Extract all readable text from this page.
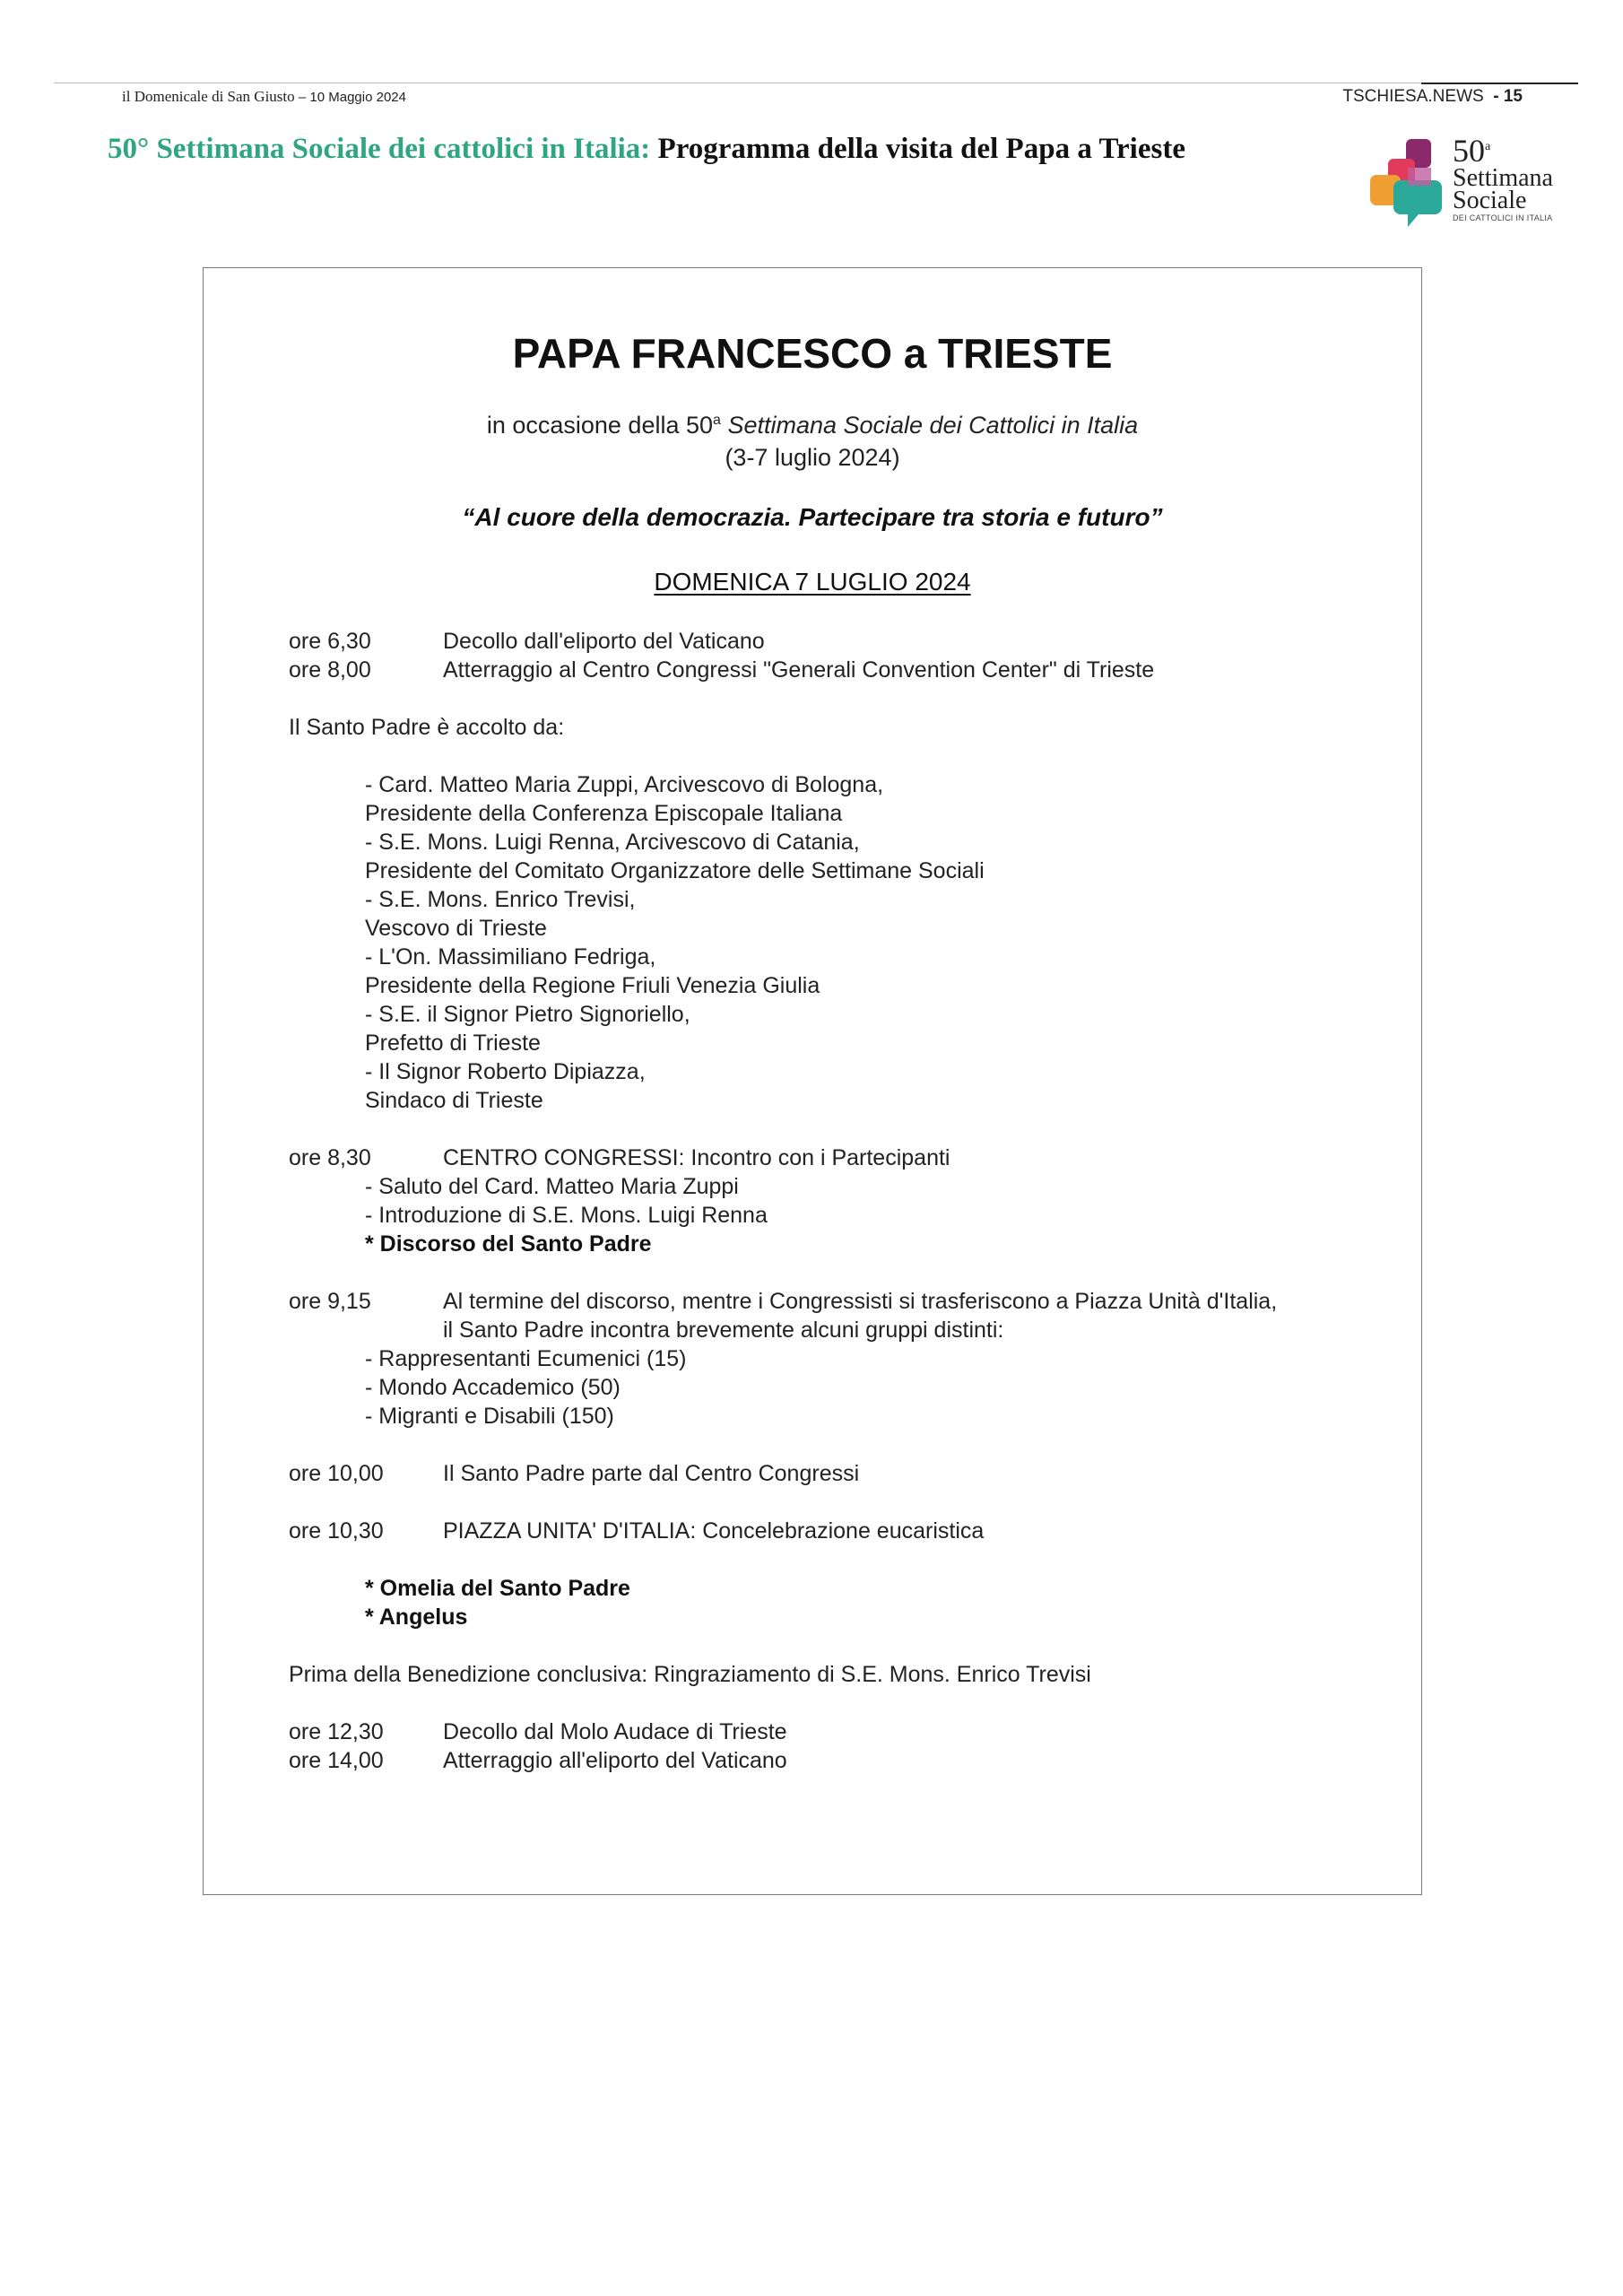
il Domenicale di San Giusto – 10 Maggio 2024	TSCHIESA.NEWS - 15
50° Settimana Sociale dei cattolici in Italia: Programma della visita del Papa a Trieste	50$^a$
Settimana
Sociale
DEI CATTOLICI IN ITALIA
PAPA FRANCESCO a TRIESTE
in occasione della 50$^a$ Settimana Sociale dei Cattolici in Italia
(3-7 luglio 2024)
“Al cuore della democrazia. Partecipare tra storia e futuro”
DOMENICA 7 LUGLIO 2024
ore 6,30	Decollo dall'eliporto del Vaticano
ore 8,00	Atterraggio al Centro Congressi "Generali Convention Center" di Trieste
Il Santo Padre è accolto da:
- Card. Matteo Maria Zuppi, Arcivescovo di Bologna,
Presidente della Conferenza Episcopale Italiana
- S.E. Mons. Luigi Renna, Arcivescovo di Catania,
Presidente del Comitato Organizzatore delle Settimane Sociali
- S.E. Mons. Enrico Trevisi,
Vescovo di Trieste
- L'On. Massimiliano Fedriga,
Presidente della Regione Friuli Venezia Giulia
- S.E. il Signor Pietro Signoriello,
Prefetto di Trieste
- Il Signor Roberto Dipiazza,
Sindaco di Trieste
ore 8,30	CENTRO CONGRESSI: Incontro con i Partecipanti
- Saluto del Card. Matteo Maria Zuppi
- Introduzione di S.E. Mons. Luigi Renna
* Discorso del Santo Padre
ore 9,15	Al termine del discorso, mentre i Congressisti si trasferiscono a Piazza Unità d'Italia,
il Santo Padre incontra brevemente alcuni gruppi distinti:
- Rappresentanti Ecumenici (15)
- Mondo Accademico (50)
- Migranti e Disabili (150)
ore 10,00	Il Santo Padre parte dal Centro Congressi
ore 10,30	PIAZZA UNITA' D'ITALIA: Concelebrazione eucaristica
* Omelia del Santo Padre
* Angelus
Prima della Benedizione conclusiva: Ringraziamento di S.E. Mons. Enrico Trevisi
ore 12,30	Decollo dal Molo Audace di Trieste
ore 14,00	Atterraggio all'eliporto del Vaticano
